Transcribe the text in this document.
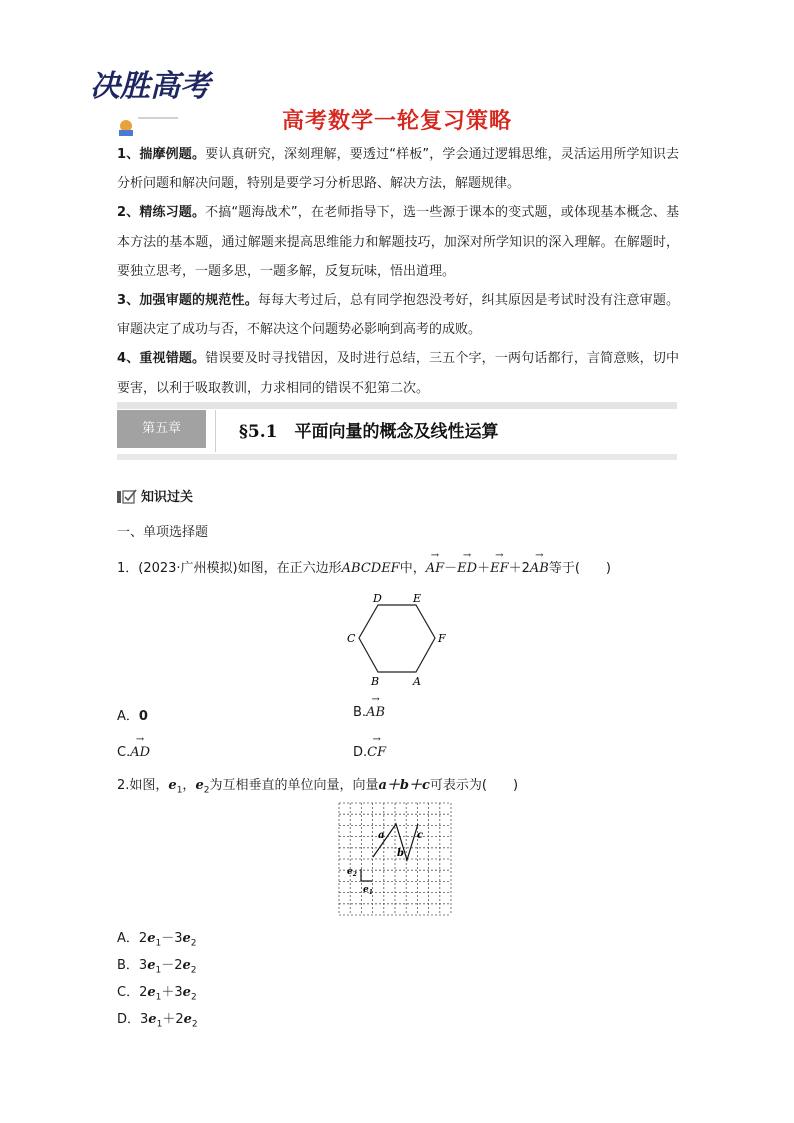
决胜高考
高考数学一轮复习策略

1、揣摩例题。要认真研究，深刻理解，要透过“样板”，学会通过逻辑思维，灵活运用所学知识去分析问题和解决问题，特别是要学习分析思路、解决方法，解题规律。

2、精练习题。不搞“题海战术”，在老师指导下，选一些源于课本的变式题，或体现基本概念、基本方法的基本题，通过解题来提高思维能力和解题技巧，加深对所学知识的深入理解。在解题时，要独立思考，一题多思，一题多解，反复玩味，悟出道理。

3、加强审题的规范性。每每大考过后，总有同学抱怨没考好，纠其原因是考试时没有注意审题。审题决定了成功与否，不解决这个问题势必影响到高考的成败。

4、重视错题。错误要及时寻找错因，及时进行总结，三五个字，一两句话都行，言简意赅，切中要害，以利于吸取教训，力求相同的错误不犯第二次。

第五章	§5.1　平面向量的概念及线性运算
知识过关
一、单项选择题
1．(2023·广州模拟)如图，在正六边形ABCDEF中，→ AF－→ ED＋→ EF＋2→ AB等于(　　)
D	E
C	F
B	A
A．0	B.→ AB
C.→ AD	D.→ CF
2.如图，$e_1$，$e_2$为互相垂直的单位向量，向量a＋b＋c可表示为(　　)
a
b
c
$e_2$
$e_1$
A．$2e_1-3e_2$
B．$3e_1-2e_2$
C．$2e_1+3e_2$
D．$3e_1+2e_2$
